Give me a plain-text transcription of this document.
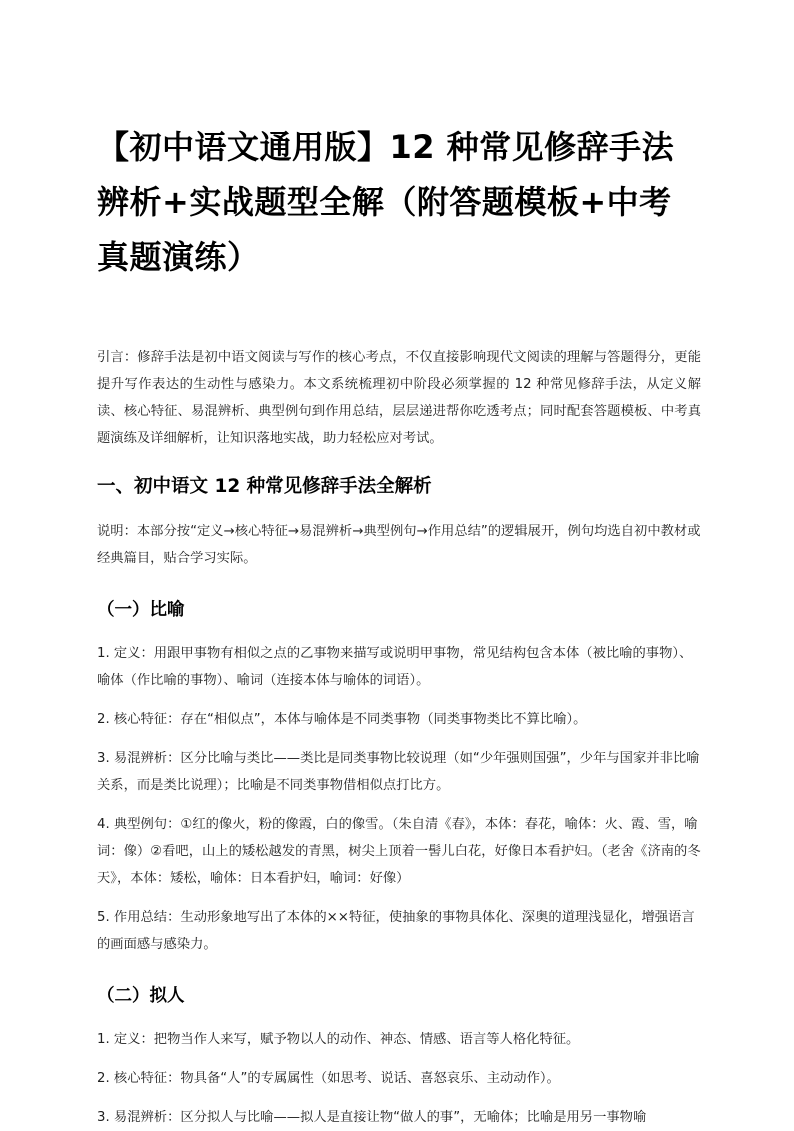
【初中语文通用版】12 种常见修辞手法辨析+实战题型全解（附答题模板+中考真题演练）

引言：修辞手法是初中语文阅读与写作的核心考点，不仅直接影响现代文阅读的理解与答题得分，更能提升写作表达的生动性与感染力。本文系统梳理初中阶段必须掌握的 12 种常见修辞手法，从定义解读、核心特征、易混辨析、典型例句到作用总结，层层递进帮你吃透考点；同时配套答题模板、中考真题演练及详细解析，让知识落地实战，助力轻松应对考试。

一、初中语文 12 种常见修辞手法全解析

说明：本部分按“定义→核心特征→易混辨析→典型例句→作用总结”的逻辑展开，例句均选自初中教材或经典篇目，贴合学习实际。

（一）比喻

1. 定义：用跟甲事物有相似之点的乙事物来描写或说明甲事物，常见结构包含本体（被比喻的事物）、喻体（作比喻的事物）、喻词（连接本体与喻体的词语）。

2. 核心特征：存在“相似点”，本体与喻体是不同类事物（同类事物类比不算比喻）。

3. 易混辨析：区分比喻与类比——类比是同类事物比较说理（如“少年强则国强”，少年与国家并非比喻关系，而是类比说理）；比喻是不同类事物借相似点打比方。

4. 典型例句：①红的像火，粉的像霞，白的像雪。（朱自清《春》，本体：春花，喻体：火、霞、雪，喻词：像）②看吧，山上的矮松越发的青黑，树尖上顶着一髻儿白花，好像日本看护妇。（老舍《济南的冬天》，本体：矮松，喻体：日本看护妇，喻词：好像）

5. 作用总结：生动形象地写出了本体的××特征，使抽象的事物具体化、深奥的道理浅显化，增强语言的画面感与感染力。

（二）拟人

1. 定义：把物当作人来写，赋予物以人的动作、神态、情感、语言等人格化特征。

2. 核心特征：物具备“人”的专属属性（如思考、说话、喜怒哀乐、主动动作）。

3. 易混辨析：区分拟人与比喻——拟人是直接让物“做人的事”，无喻体；比喻是用另一事物喻
